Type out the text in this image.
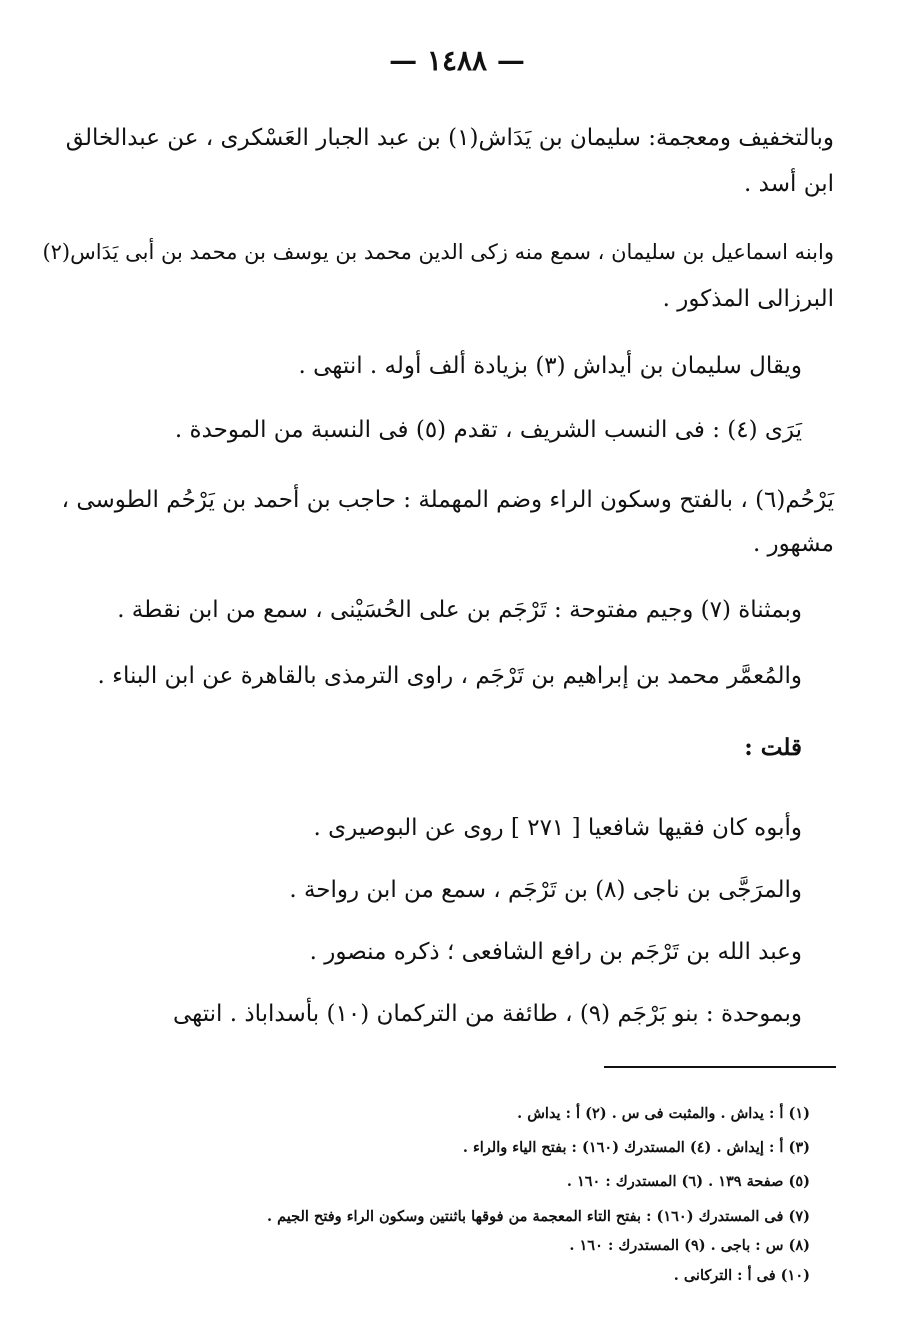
— ١٤٨٨ —
وبالتخفيف ومعجمة: سليمان بن يَدَاش(١) بن عبد الجبار العَسْكرى ، عن عبدالخالق
ابن أسد .
وابنه اسماعيل بن سليمان ، سمع منه زكى الدين محمد بن يوسف بن محمد بن أبى يَدَاس(٢)
البرزالى المذكور .
ويقال سليمان بن أيداش (٣) بزيادة ألف أوله . انتهى .
يَرَى (٤) : فى النسب الشريف ، تقدم (٥) فى النسبة من الموحدة .
يَرْحُم(٦) ، بالفتح وسكون الراء وضم المهملة : حاجب بن أحمد بن يَرْحُم الطوسى ،
مشهور .
وبمثناة (٧) وجيم مفتوحة : تَرْجَم بن على الحُسَيْنى ، سمع من ابن نقطة .
والمُعمَّر محمد بن إبراهيم بن تَرْجَم ، راوى الترمذى بالقاهرة عن ابن البناء .
قلت :
وأبوه كان فقيها شافعيا [ ٢٧١ ] روى عن البوصيرى .
والمرَجَّى بن ناجى (٨) بن تَرْجَم ، سمع من ابن رواحة .
وعبد الله بن تَرْجَم بن رافع الشافعى ؛ ذكره منصور .
وبموحدة : بنو بَرْجَم (٩) ، طائفة من التركمان (١٠) بأسداباذ . انتهى
(١) أ : يداش . والمثبت فى س . (٢) أ : يداش .
(٣) أ : إيداش . (٤) المستدرك (١٦٠) : بفتح الياء والراء .
(٥) صفحة ١٣٩ . (٦) المستدرك : ١٦٠ .
(٧) فى المستدرك (١٦٠) : بفتح التاء المعجمة من فوقها باثنتين وسكون الراء وفتح الجيم .
(٨) س : باجى . (٩) المستدرك : ١٦٠ .
(١٠) فى أ : التركانى .
